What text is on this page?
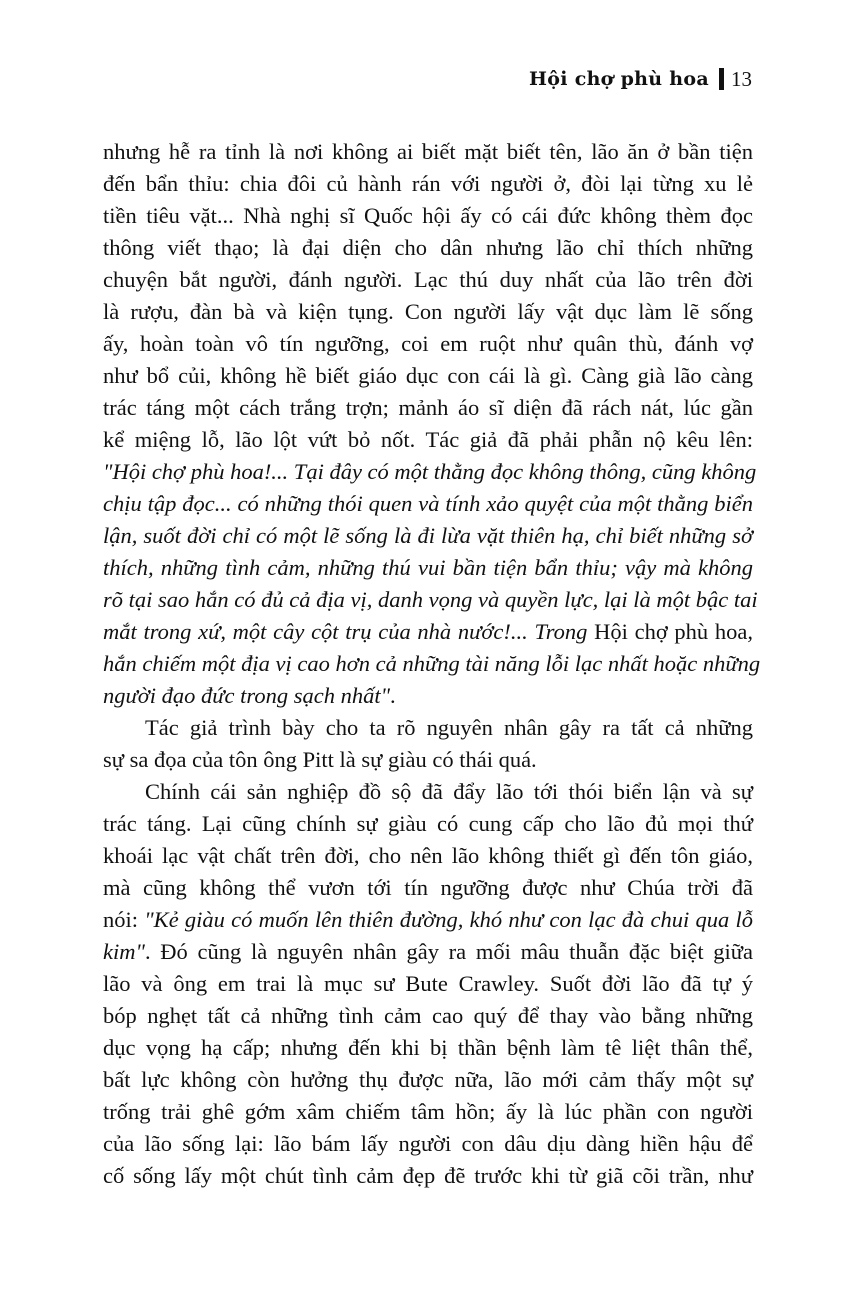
Hội chợ phù hoa 13
nhưng hễ ra tỉnh là nơi không ai biết mặt biết tên, lão ăn ở bần tiện
đến bẩn thỉu: chia đôi củ hành rán với người ở, đòi lại từng xu lẻ
tiền tiêu vặt... Nhà nghị sĩ Quốc hội ấy có cái đức không thèm đọc
thông viết thạo; là đại diện cho dân nhưng lão chỉ thích những
chuyện bắt người, đánh người. Lạc thú duy nhất của lão trên đời
là rượu, đàn bà và kiện tụng. Con người lấy vật dục làm lẽ sống
ấy, hoàn toàn vô tín ngưỡng, coi em ruột như quân thù, đánh vợ
như bổ củi, không hề biết giáo dục con cái là gì. Càng già lão càng
trác táng một cách trắng trợn; mảnh áo sĩ diện đã rách nát, lúc gần
kể miệng lỗ, lão lột vứt bỏ nốt. Tác giả đã phải phẫn nộ kêu lên:
"Hội chợ phù hoa!... Tại đây có một thằng đọc không thông, cũng không
chịu tập đọc... có những thói quen và tính xảo quyệt của một thằng biển
lận, suốt đời chỉ có một lẽ sống là đi lừa vặt thiên hạ, chỉ biết những sở
thích, những tình cảm, những thú vui bần tiện bẩn thỉu; vậy mà không
rõ tại sao hắn có đủ cả địa vị, danh vọng và quyền lực, lại là một bậc tai
mắt trong xứ, một cây cột trụ của nhà nước!... Trong Hội chợ phù hoa,
hắn chiếm một địa vị cao hơn cả những tài năng lỗi lạc nhất hoặc những
người đạo đức trong sạch nhất".
Tác giả trình bày cho ta rõ nguyên nhân gây ra tất cả những
sự sa đọa của tôn ông Pitt là sự giàu có thái quá.
Chính cái sản nghiệp đồ sộ đã đẩy lão tới thói biển lận và sự
trác táng. Lại cũng chính sự giàu có cung cấp cho lão đủ mọi thứ
khoái lạc vật chất trên đời, cho nên lão không thiết gì đến tôn giáo,
mà cũng không thể vươn tới tín ngưỡng được như Chúa trời đã
nói: "Kẻ giàu có muốn lên thiên đường, khó như con lạc đà chui qua lỗ
kim". Đó cũng là nguyên nhân gây ra mối mâu thuẫn đặc biệt giữa
lão và ông em trai là mục sư Bute Crawley. Suốt đời lão đã tự ý
bóp nghẹt tất cả những tình cảm cao quý để thay vào bằng những
dục vọng hạ cấp; nhưng đến khi bị thần bệnh làm tê liệt thân thể,
bất lực không còn hưởng thụ được nữa, lão mới cảm thấy một sự
trống trải ghê gớm xâm chiếm tâm hồn; ấy là lúc phần con người
của lão sống lại: lão bám lấy người con dâu dịu dàng hiền hậu để
cố sống lấy một chút tình cảm đẹp đẽ trước khi từ giã cõi trần, như
